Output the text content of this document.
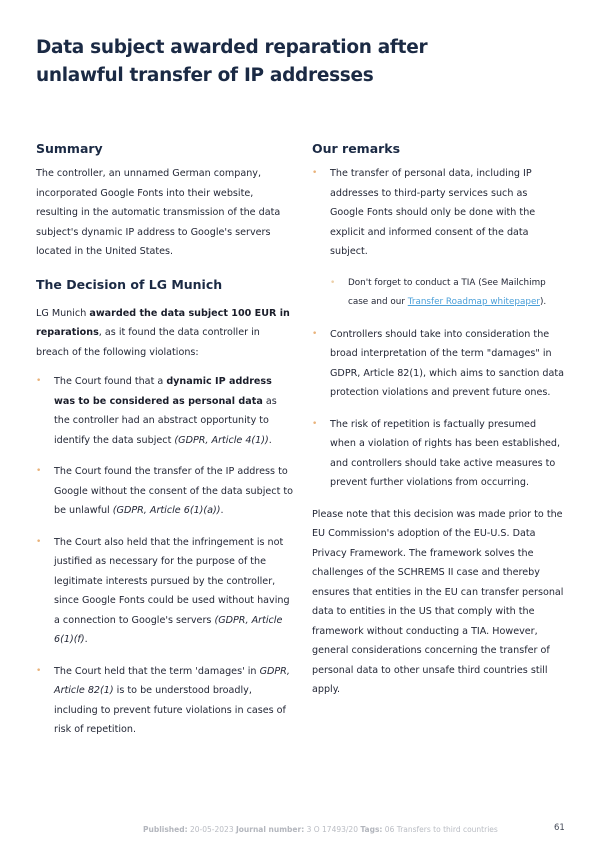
Data subject awarded reparation after unlawful transfer of IP addresses
Summary

The controller, an unnamed German company, incorporated Google Fonts into their website, resulting in the automatic transmission of the data subject's dynamic IP address to Google's servers located in the United States.

The Decision of LG Munich

LG Munich awarded the data subject 100 EUR in reparations, as it found the data controller in breach of the following violations:

• The Court found that a dynamic IP address was to be considered as personal data as the controller had an abstract opportunity to identify the data subject (GDPR, Article 4(1)).
• The Court found the transfer of the IP address to Google without the consent of the data subject to be unlawful (GDPR, Article 6(1)(a)).
• The Court also held that the infringement is not justified as necessary for the purpose of the legitimate interests pursued by the controller, since Google Fonts could be used without having a connection to Google's servers (GDPR, Article 6(1)(f).
• The Court held that the term 'damages' in GDPR, Article 82(1) is to be understood broadly, including to prevent future violations in cases of risk of repetition.
Our remarks
• The transfer of personal data, including IP addresses to third-party services such as Google Fonts should only be done with the explicit and informed consent of the data subject.
• Don't forget to conduct a TIA (See Mailchimp case and our Transfer Roadmap whitepaper).
• Controllers should take into consideration the broad interpretation of the term "damages" in GDPR, Article 82(1), which aims to sanction data protection violations and prevent future ones.
• The risk of repetition is factually presumed when a violation of rights has been established, and controllers should take active measures to prevent further violations from occurring.

Please note that this decision was made prior to the EU Commission's adoption of the EU-U.S. Data Privacy Framework. The framework solves the challenges of the SCHREMS II case and thereby ensures that entities in the EU can transfer personal data to entities in the US that comply with the framework without conducting a TIA. However, general considerations concerning the transfer of personal data to other unsafe third countries still apply.

Published: 20-05-2023 Journal number: 3 O 17493/20 Tags: 06 Transfers to third countries	61
